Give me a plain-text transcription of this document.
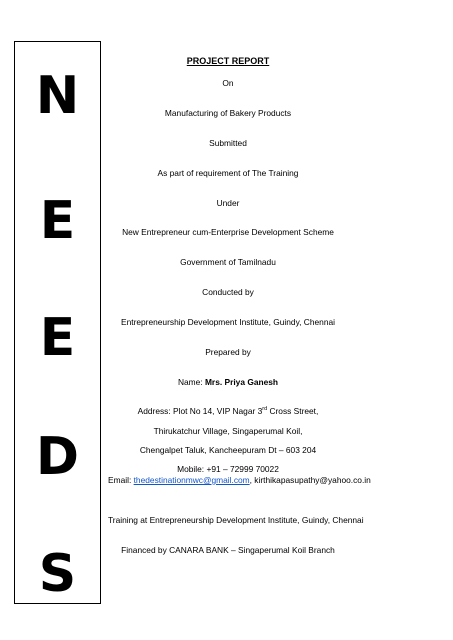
N
E
E
D
S
PROJECT REPORT
On
Manufacturing of Bakery Products
Submitted
As part of requirement of The Training
Under
New Entrepreneur cum-Enterprise Development Scheme
Government of Tamilnadu
Conducted by
Entrepreneurship Development Institute, Guindy, Chennai
Prepared by
Name: Mrs. Priya Ganesh
Address: Plot No 14, VIP Nagar 3rd Cross Street,
Thirukatchur Village, Singaperumal Koil,
Chengalpet Taluk, Kancheepuram Dt – 603 204
Mobile: +91 – 72999 70022
Email: thedestinationmwc@gmail.com, kirthikapasupathy@yahoo.co.in
Training at Entrepreneurship Development Institute, Guindy, Chennai
Financed by CANARA BANK – Singaperumal Koil Branch
